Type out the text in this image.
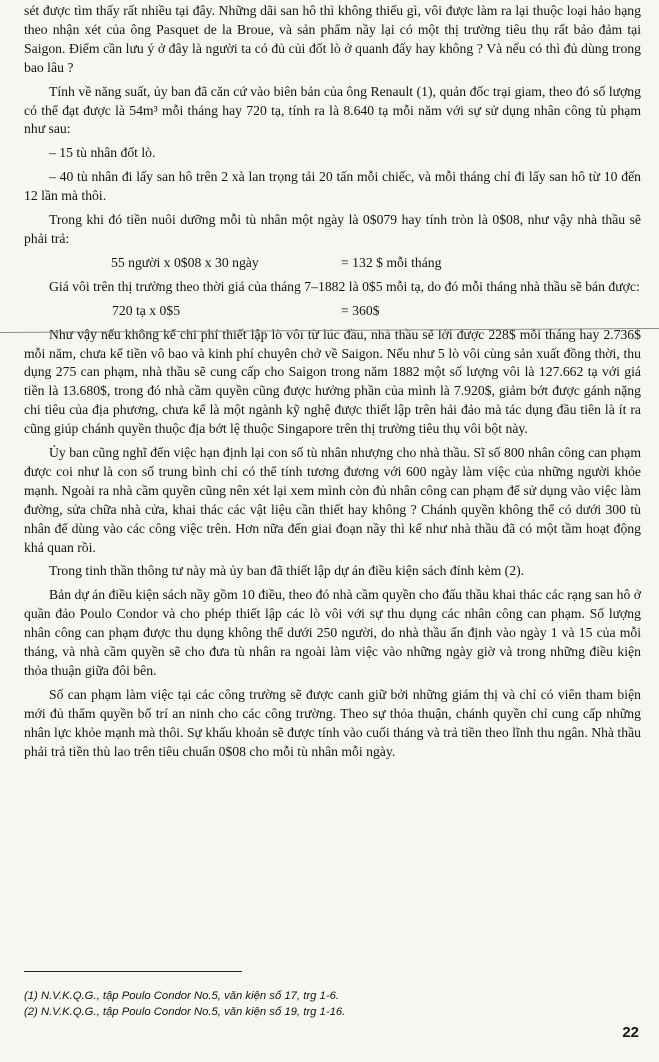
sét được tìm thấy rất nhiều tại đây. Những dãi san hô thì không thiếu gì, vôi được làm ra lại thuộc loại hảo hạng theo nhận xét của ông Pasquet de la Broue, và sản phẩm nầy lại có một thị trường tiêu thụ rất bảo đảm tại Saigon. Điểm cần lưu ý ở đây là người ta có đủ củi đốt lò ở quanh đấy hay không ? Và nếu có thì đủ dùng trong bao lâu ?

Tính về năng suất, ủy ban đã căn cứ vào biên bản của ông Renault (1), quản đốc trại giam, theo đó số lượng có thể đạt được là 54m³ mỗi tháng hay 720 tạ, tính ra là 8.640 tạ mỗi năm với sự sử dụng nhân công tù phạm như sau:

– 15 tù nhân đốt lò.

– 40 tù nhân đi lấy san hô trên 2 xà lan trọng tải 20 tấn mỗi chiếc, và mỗi tháng chỉ đi lấy san hô từ 10 đến 12 lần mà thôi.

Trong khi đó tiền nuôi dưỡng mỗi tù nhân một ngày là 0$079 hay tính tròn là 0$08, như vậy nhà thầu sẽ phải trả:

55 người x 0$08 x 30 ngày	= 132 $ mỗi tháng

Giá vôi trên thị trường theo thời giá của tháng 7–1882 là 0$5 mỗi tạ, do đó mỗi tháng nhà thầu sẽ bán được:

720 tạ x 0$5	= 360$

Như vậy nếu không kể chi phí thiết lập lò vôi từ lúc đầu, nhà thầu sẽ lời được 228$ mỗi tháng hay 2.736$ mỗi năm, chưa kể tiền vô bao và kinh phí chuyên chở về Saigon. Nếu như 5 lò vôi cùng sản xuất đồng thời, thu dụng 275 can phạm, nhà thầu sẽ cung cấp cho Saigon trong năm 1882 một số lượng vôi là 127.662 tạ với giá tiền là 13.680$, trong đó nhà cầm quyền cũng được hưởng phần của mình là 7.920$, giảm bớt được gánh nặng chi tiêu của địa phương, chưa kể là một ngành kỹ nghệ được thiết lập trên hải đảo mà tác dụng đầu tiên là ít ra cũng giúp chánh quyền thuộc địa bớt lệ thuộc Singapore trên thị trường tiêu thụ vôi bột này.

Ủy ban cũng nghĩ đến việc hạn định lại con số tù nhân nhượng cho nhà thầu. Sĩ số 800 nhân công can phạm được coi như là con số trung bình chỉ có thể tính tương đương với 600 ngày làm việc của những người khỏe mạnh. Ngoài ra nhà cầm quyền cũng nên xét lại xem mình còn đủ nhân công can phạm để sử dụng vào việc làm đường, sửa chữa nhà cửa, khai thác các vật liệu cần thiết hay không ? Chánh quyền không thể có dưới 300 tù nhân để dùng vào các công việc trên. Hơn nữa đến giai đoạn nầy thì kể như nhà thầu đã có một tầm hoạt động khả quan rồi.

Trong tinh thần thông tư này mà ủy ban đã thiết lập dự án điều kiện sách đính kèm (2).

Bản dự án điều kiện sách nầy gồm 10 điều, theo đó nhà cầm quyền cho đấu thầu khai thác các rạng san hô ở quần đảo Poulo Condor và cho phép thiết lập các lò vôi với sự thu dụng các nhân công can phạm. Số lượng nhân công can phạm được thu dụng không thể dưới 250 người, do nhà thầu ấn định vào ngày 1 và 15 của mỗi tháng, và nhà cầm quyền sẽ cho đưa tù nhân ra ngoài làm việc vào những ngày giờ và trong những điều kiện thỏa thuận giữa đôi bên.

Số can phạm làm việc tại các công trường sẽ được canh giữ bởi những giám thị và chỉ có viên tham biện mới đủ thẩm quyền bố trí an ninh cho các công trường. Theo sự thỏa thuận, chánh quyền chỉ cung cấp những nhân lực khỏe mạnh mà thôi. Sự khấu khoản sẽ được tính vào cuối tháng và trả tiền theo lĩnh thu ngân. Nhà thầu phải trả tiền thù lao trên tiêu chuẩn 0$08 cho mỗi tù nhân mỗi ngày.

(1) N.V.K.Q.G., tập Poulo Condor No.5, văn kiện số 17, trg 1-6.
(2) N.V.K.Q.G., tập Poulo Condor No.5, văn kiện số 19, trg 1-16.
22
